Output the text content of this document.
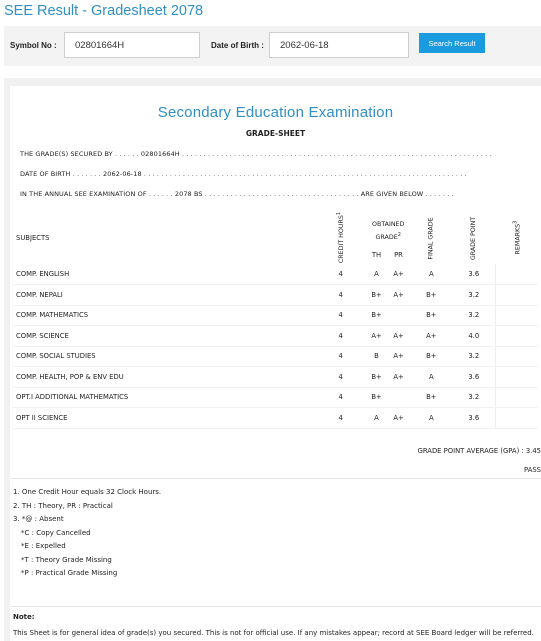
SEE Result - Gradesheet 2078
Symbol No :
02801664H	Date of Birth :
2062-06-18	Search Result
Secondary Education Examination
GRADE-SHEET
THE GRADE(S) SECURED BY . . . . . . 02801664H . . . . . . . . . . . . . . . . . . . . . . . . . . . . . . . . . . . . . . . . . . . . . . . . . . . . . . . . . . . . . . . . . . . . . . . .
DATE OF BIRTH . . . . . . . 2062-06-18 . . . . . . . . . . . . . . . . . . . . . . . . . . . . . . . . . . . . . . . . . . . . . . . . . . . . . . . . . . . . . . . . . . . . . . . . . . .
IN THE ANNUAL SEE EXAMINATION OF . . . . . . 2078 BS . . . . . . . . . . . . . . . . . . . . . . . . . . . . . . . . . . . . ARE GIVEN BELOW . . . . . . .
SUBJECTS	CREDIT HOURS$^1$	OBTAINED GRADE$^2$		FINAL GRADE	GRADE POINT	REMARKS$^3$
		TH	PR			
COMP. ENGLISH	4	A	A+	A	3.6	
COMP. NEPALI	4	B+	A+	B+	3.2	
COMP. MATHEMATICS	4	B+		B+	3.2	
COMP. SCIENCE	4	A+	A+	A+	4.0	
COMP. SOCIAL STUDIES	4	B	A+	B+	3.2	
COMP. HEALTH, POP & ENV EDU	4	B+	A+	A	3.6	
OPT.I ADDITIONAL MATHEMATICS	4	B+		B+	3.2	
OPT II SCIENCE	4	A	A+	A	3.6	
GRADE POINT AVERAGE (GPA) : 3.45
PASS
1. One Credit Hour equals 32 Clock Hours.
2. TH : Theory, PR : Practical
3. *@ : Absent
*C : Copy Cancelled
*E : Expelled
*T : Theory Grade Missing
*P : Practical Grade Missing
Note:
This Sheet is for general idea of grade(s) you secured. This is not for official use. If any mistakes appear; record at SEE Board ledger will be referred.
